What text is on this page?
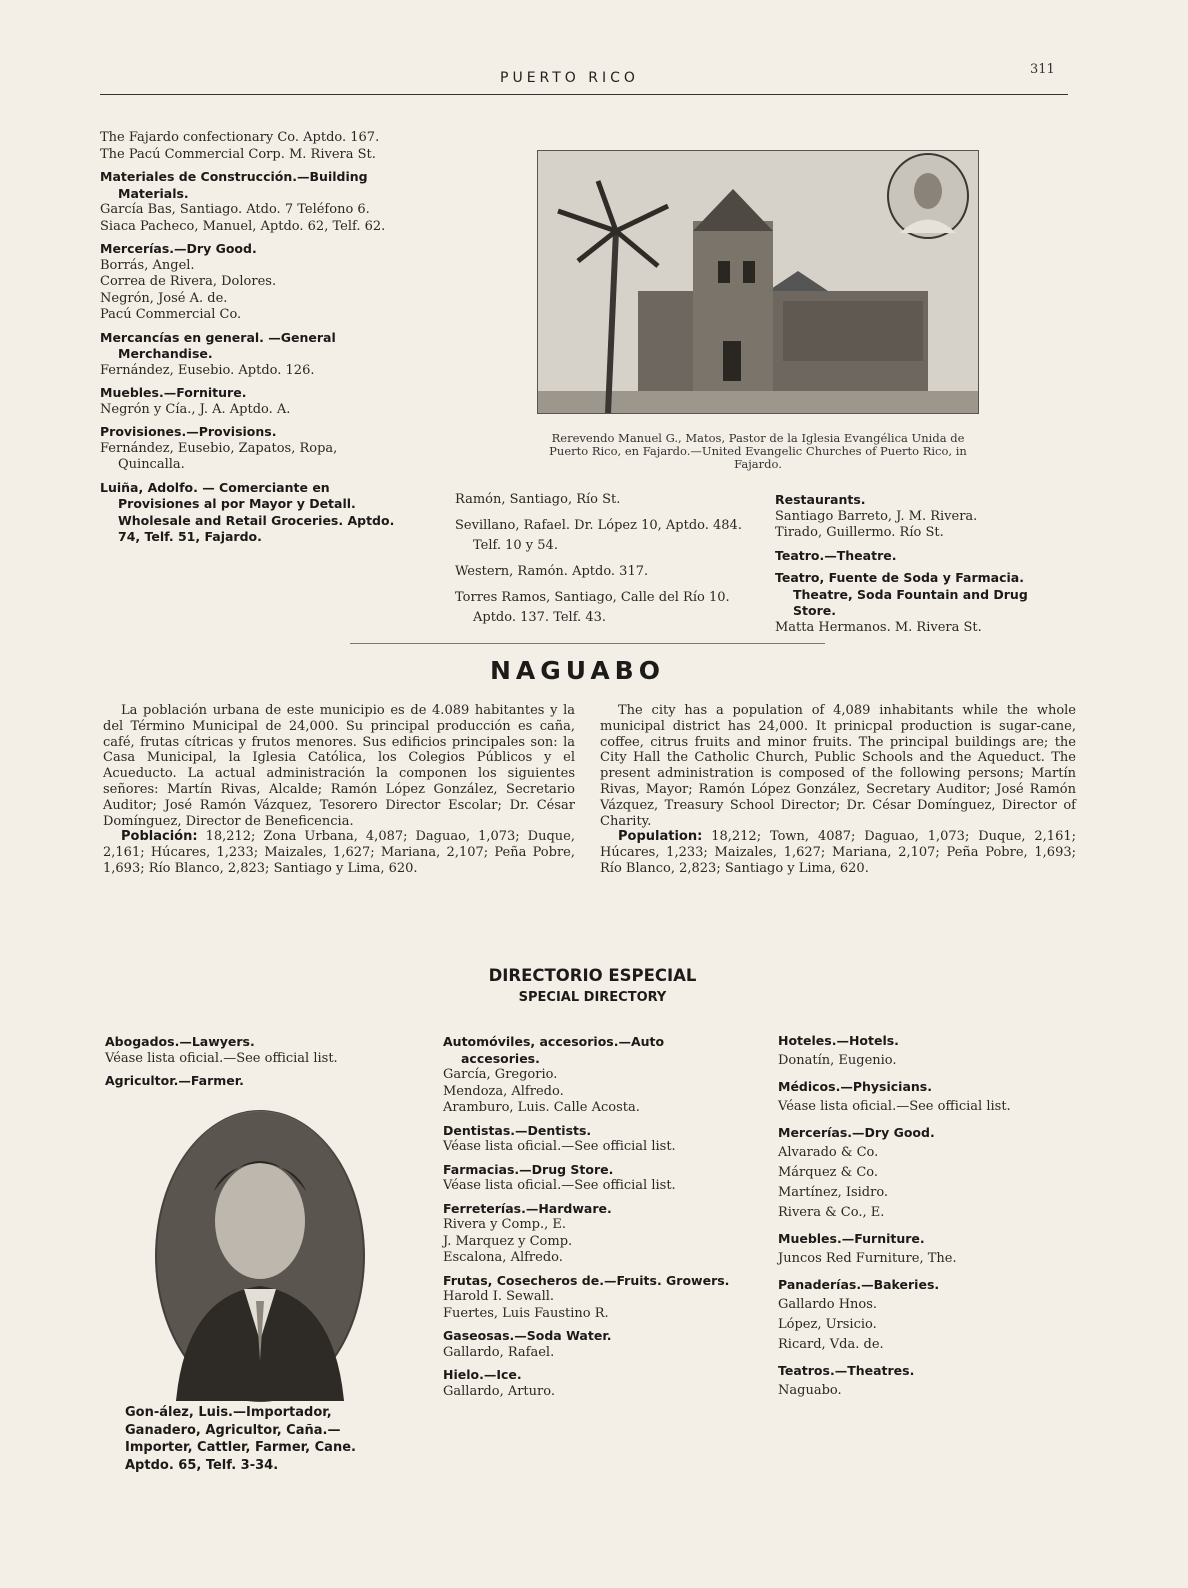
PUERTO RICO
311

The Fajardo confectionary Co. Aptdo. 167.

The Pacú Commercial Corp. M. Rivera St.

Materiales de Construcción.—Building Materials.

García Bas, Santiago. Atdo. 7 Teléfono 6.

Siaca Pacheco, Manuel, Aptdo. 62, Telf. 62.

Mercerías.—Dry Good.

Borrás, Angel.

Correa de Rivera, Dolores.

Negrón, José A. de.

Pacú Commercial Co.

Mercancías en general. —General Merchandise.

Fernández, Eusebio. Aptdo. 126.

Muebles.—Forniture.

Negrón y Cía., J. A. Aptdo. A.

Provisiones.—Provisions.

Fernández, Eusebio, Zapatos, Ropa, Quincalla.

Luiña, Adolfo. — Comerciante en Provisiones al por Mayor y Detall. Wholesale and Retail Groceries. Aptdo. 74, Telf. 51, Fajardo.

Rerevendo Manuel G., Matos, Pastor de la Iglesia Evangélica Unida de Puerto Rico, en Fajardo.—United Evangelic Churches of Puerto Rico, in Fajardo.

Ramón, Santiago, Río St.

Sevillano, Rafael. Dr. López 10, Aptdo. 484. Telf. 10 y 54.

Western, Ramón. Aptdo. 317.

Torres Ramos, Santiago, Calle del Río 10. Aptdo. 137. Telf. 43.

Restaurants.

Santiago Barreto, J. M. Rivera.

Tirado, Guillermo. Río St.

Teatro.—Theatre.

Teatro, Fuente de Soda y Farmacia. Theatre, Soda Fountain and Drug Store.

Matta Hermanos. M. Rivera St.

NAGUABO

La población urbana de este municipio es de 4.089 habitantes y la del Término Municipal de 24,000. Su principal producción es caña, café, frutas cítricas y frutos menores. Sus edificios principales son: la Casa Municipal, la Iglesia Católica, los Colegios Públicos y el Acueducto. La actual administración la componen los siguientes señores: Martín Rivas, Alcalde; Ramón López González, Secretario Auditor; José Ramón Vázquez, Tesorero Director Escolar; Dr. César Domínguez, Director de Beneficencia.

Población: 18,212; Zona Urbana, 4,087; Daguao, 1,073; Duque, 2,161; Húcares, 1,233; Maizales, 1,627; Mariana, 2,107; Peña Pobre, 1,693; Río Blanco, 2,823; Santiago y Lima, 620.

The city has a population of 4,089 inhabitants while the whole municipal district has 24,000. It prinicpal production is sugar-cane, coffee, citrus fruits and minor fruits. The principal buildings are; the City Hall the Catholic Church, Public Schools and the Aqueduct. The present administration is composed of the following persons; Martín Rivas, Mayor; Ramón López González, Secretary Auditor; José Ramón Vázquez, Treasury School Director; Dr. César Domínguez, Director of Charity.

Population: 18,212; Town, 4087; Daguao, 1,073; Duque, 2,161; Húcares, 1,233; Maizales, 1,627; Mariana, 2,107; Peña Pobre, 1,693; Río Blanco, 2,823; Santiago y Lima, 620.

DIRECTORIO ESPECIAL
SPECIAL DIRECTORY

Abogados.—Lawyers.

Véase lista oficial.—See official list.

Agricultor.—Farmer.

Gon-ález, Luis.—Importador, Ganadero, Agricultor, Caña.—Importer, Cattler, Farmer, Cane. Aptdo. 65, Telf. 3-34.

Automóviles, accesorios.—Auto accesories.

García, Gregorio.

Mendoza, Alfredo.

Aramburo, Luis. Calle Acosta.

Dentistas.—Dentists.

Véase lista oficial.—See official list.

Farmacias.—Drug Store.

Véase lista oficial.—See official list.

Ferreterías.—Hardware.

Rivera y Comp., E.

J. Marquez y Comp.

Escalona, Alfredo.

Frutas, Cosecheros de.—Fruits. Growers.

Harold I. Sewall.

Fuertes, Luis Faustino R.

Gaseosas.—Soda Water.

Gallardo, Rafael.

Hielo.—Ice.

Gallardo, Arturo.

Hoteles.—Hotels.

Donatín, Eugenio.

Médicos.—Physicians.

Véase lista oficial.—See official list.

Mercerías.—Dry Good.

Alvarado & Co.

Márquez & Co.

Martínez, Isidro.

Rivera & Co., E.

Muebles.—Furniture.

Juncos Red Furniture, The.

Panaderías.—Bakeries.

Gallardo Hnos.

López, Ursicio.

Ricard, Vda. de.

Teatros.—Theatres.

Naguabo.
